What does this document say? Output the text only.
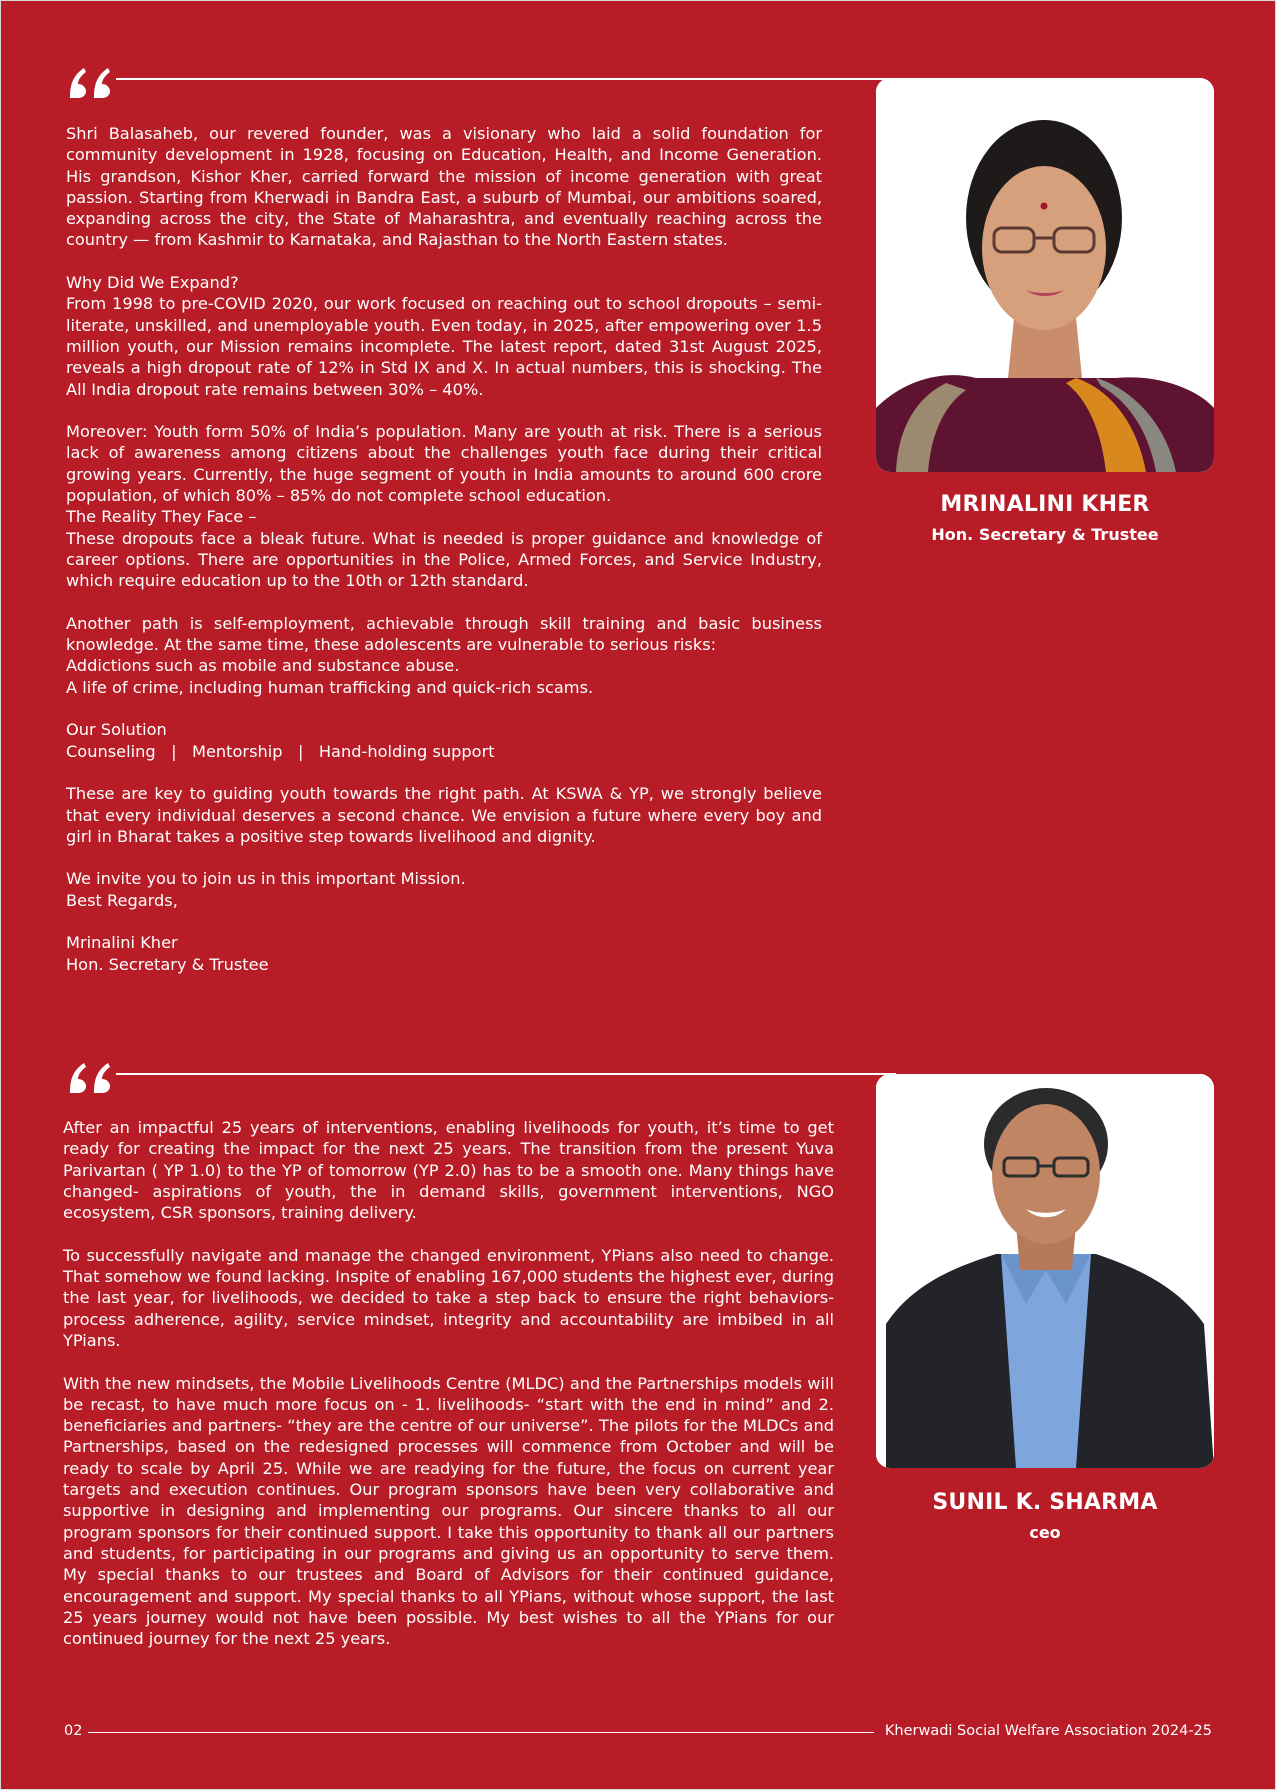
Shri Balasaheb, our revered founder, was a visionary who laid a solid foundation for community development in 1928, focusing on Education, Health, and Income Generation. His grandson, Kishor Kher, carried forward the mission of income generation with great passion. Starting from Kherwadi in Bandra East, a suburb of Mumbai, our ambitions soared, expanding across the city, the State of Maharashtra, and eventually reaching across the country — from Kashmir to Karnataka, and Rajasthan to the North Eastern states.

Why Did We Expand?

From 1998 to pre-COVID 2020, our work focused on reaching out to school dropouts – semi-literate, unskilled, and unemployable youth. Even today, in 2025, after empowering over 1.5 million youth, our Mission remains incomplete. The latest report, dated 31st August 2025, reveals a high dropout rate of 12% in Std IX and X. In actual numbers, this is shocking. The All India dropout rate remains between 30% – 40%.

Moreover: Youth form 50% of India’s population. Many are youth at risk. There is a serious lack of awareness among citizens about the challenges youth face during their critical growing years. Currently, the huge segment of youth in India amounts to around 600 crore population, of which 80% – 85% do not complete school education.

The Reality They Face –

These dropouts face a bleak future. What is needed is proper guidance and knowledge of career options. There are opportunities in the Police, Armed Forces, and Service Industry, which require education up to the 10th or 12th standard.

Another path is self-employment, achievable through skill training and basic business knowledge. At the same time, these adolescents are vulnerable to serious risks:

Addictions such as mobile and substance abuse.

A life of crime, including human trafficking and quick-rich scams.

Our Solution

Counseling   |   Mentorship   |   Hand-holding support

These are key to guiding youth towards the right path. At KSWA & YP, we strongly believe that every individual deserves a second chance. We envision a future where every boy and girl in Bharat takes a positive step towards livelihood and dignity.

We invite you to join us in this important Mission.

Best Regards,

Mrinalini Kher

Hon. Secretary & Trustee

MRINALINI KHER
Hon. Secretary & Trustee

After an impactful 25 years of interventions, enabling livelihoods for youth, it’s time to get ready for creating the impact for the next 25 years. The transition from the present Yuva Parivartan ( YP 1.0) to the YP of tomorrow (YP 2.0) has to be a smooth one. Many things have changed- aspirations of youth, the in demand skills, government interventions, NGO ecosystem, CSR sponsors, training delivery.

To successfully navigate and manage the changed environment, YPians also need to change. That somehow we found lacking. Inspite of enabling 167,000 students the highest ever, during the last year, for livelihoods, we decided to take a step back to ensure the right behaviors- process adherence, agility, service mindset, integrity and accountability are imbibed in all YPians.

With the new mindsets, the Mobile Livelihoods Centre (MLDC) and the Partnerships models will be recast, to have much more focus on - 1. livelihoods- “start with the end in mind” and 2. beneficiaries and partners- “they are the centre of our universe”. The pilots for the MLDCs and Partnerships, based on the redesigned processes will commence from October and will be ready to scale by April 25. While we are readying for the future, the focus on current year targets and execution continues. Our program sponsors have been very collaborative and supportive in designing and implementing our programs. Our sincere thanks to all our program sponsors for their continued support. I take this opportunity to thank all our partners and students, for participating in our programs and giving us an opportunity to serve them. My special thanks to our trustees and Board of Advisors for their continued guidance, encouragement and support. My special thanks to all YPians, without whose support, the last 25 years journey would not have been possible. My best wishes to all the YPians for our continued journey for the next 25 years.

SUNIL K. SHARMA
ceo
02	Kherwadi Social Welfare Association 2024-25
